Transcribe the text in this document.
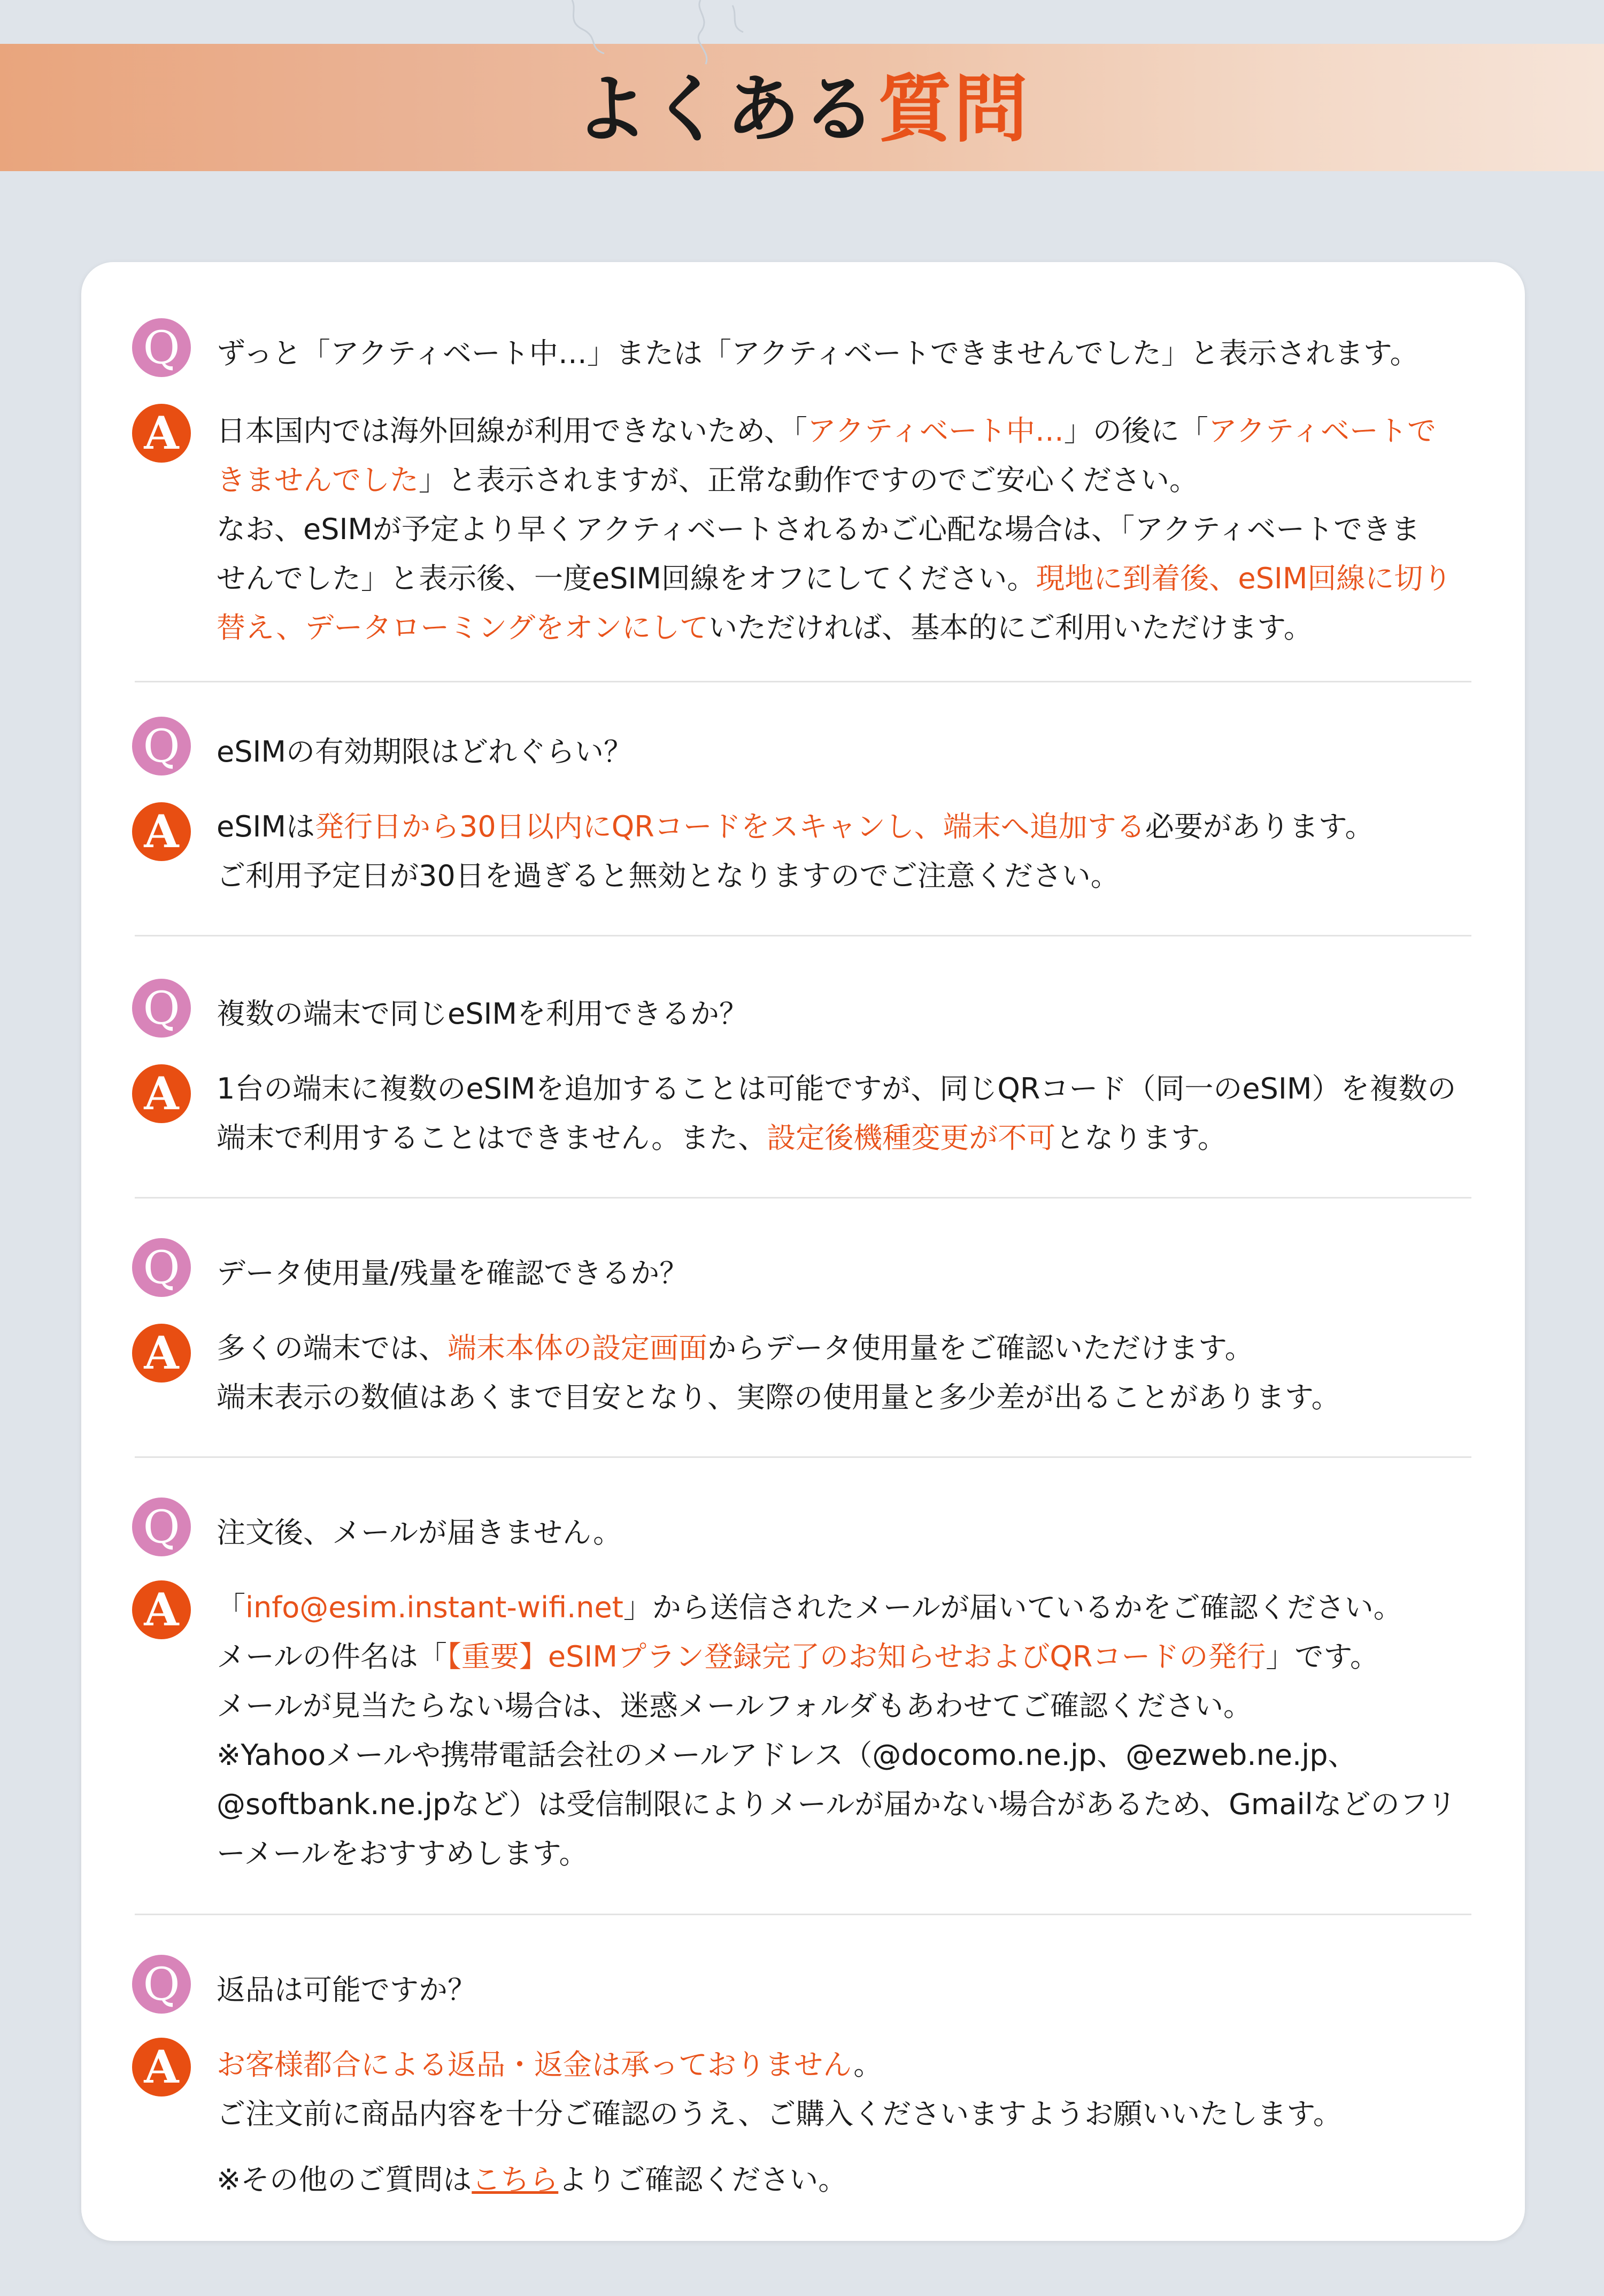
よくある質問
Q	ずっと「アクティベート中…」または「アクティベートできませんでした」と表示されます。
A	日本国内では海外回線が利用できないため、「アクティベート中…」の後に「アクティベートで
きませんでした」と表示されますが、正常な動作ですのでご安心ください。
なお、eSIMが予定より早くアクティベートされるかご心配な場合は、「アクティベートできま
せんでした」と表示後、一度eSIM回線をオフにしてください。現地に到着後、eSIM回線に切り
替え、データローミングをオンにしていただければ、基本的にご利用いただけます。
Q	eSIMの有効期限はどれぐらい？
A	eSIMは発行日から30日以内にQRコードをスキャンし、端末へ追加する必要があります。
ご利用予定日が30日を過ぎると無効となりますのでご注意ください。
Q	複数の端末で同じeSIMを利用できるか？
A	1台の端末に複数のeSIMを追加することは可能ですが、同じQRコード（同一のeSIM）を複数の
端末で利用することはできません。また、設定後機種変更が不可となります。
Q	データ使用量/残量を確認できるか？
A	多くの端末では、端末本体の設定画面からデータ使用量をご確認いただけます。
端末表示の数値はあくまで目安となり、実際の使用量と多少差が出ることがあります。
Q	注文後、メールが届きません。
A	「info@esim.instant-wifi.net」から送信されたメールが届いているかをご確認ください。
メールの件名は「【重要】eSIMプラン登録完了のお知らせおよびQRコードの発行」です。
メールが見当たらない場合は、迷惑メールフォルダもあわせてご確認ください。
※Yahooメールや携帯電話会社のメールアドレス（@docomo.ne.jp、@ezweb.ne.jp、
@softbank.ne.jpなど）は受信制限によりメールが届かない場合があるため、Gmailなどのフリ
ーメールをおすすめします。
Q	返品は可能ですか？
A	お客様都合による返品・返金は承っておりません。
ご注文前に商品内容を十分ご確認のうえ、ご購入くださいますようお願いいたします。
※その他のご質問はこちらよりご確認ください。
